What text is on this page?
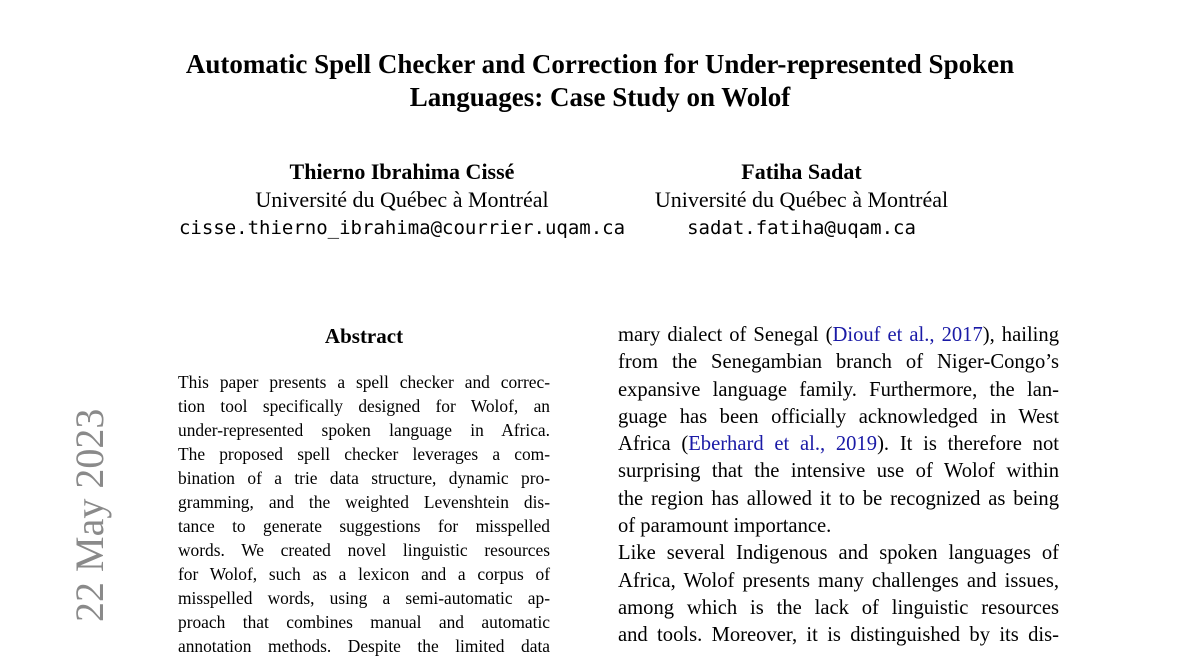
22 May 2023
Automatic Spell Checker and Correction for Under-represented Spoken
Languages: Case Study on Wolof
Thierno Ibrahima Cissé
Université du Québec à Montréal
cisse.thierno_ibrahima@courrier.uqam.ca
Fatiha Sadat
Université du Québec à Montréal
sadat.fatiha@uqam.ca
Abstract
This paper presents a spell checker and correc-
tion tool specifically designed for Wolof, an
under-represented spoken language in Africa.
The proposed spell checker leverages a com-
bination of a trie data structure, dynamic pro-
gramming, and the weighted Levenshtein dis-
tance to generate suggestions for misspelled
words. We created novel linguistic resources
for Wolof, such as a lexicon and a corpus of
misspelled words, using a semi-automatic ap-
proach that combines manual and automatic
annotation methods. Despite the limited data
mary dialect of Senegal (Diouf et al., 2017), hailing
from the Senegambian branch of Niger-Congo’s
expansive language family. Furthermore, the lan-
guage has been officially acknowledged in West
Africa (Eberhard et al., 2019). It is therefore not
surprising that the intensive use of Wolof within
the region has allowed it to be recognized as being
of paramount importance.
Like several Indigenous and spoken languages of
Africa, Wolof presents many challenges and issues,
among which is the lack of linguistic resources
and tools. Moreover, it is distinguished by its dis-
